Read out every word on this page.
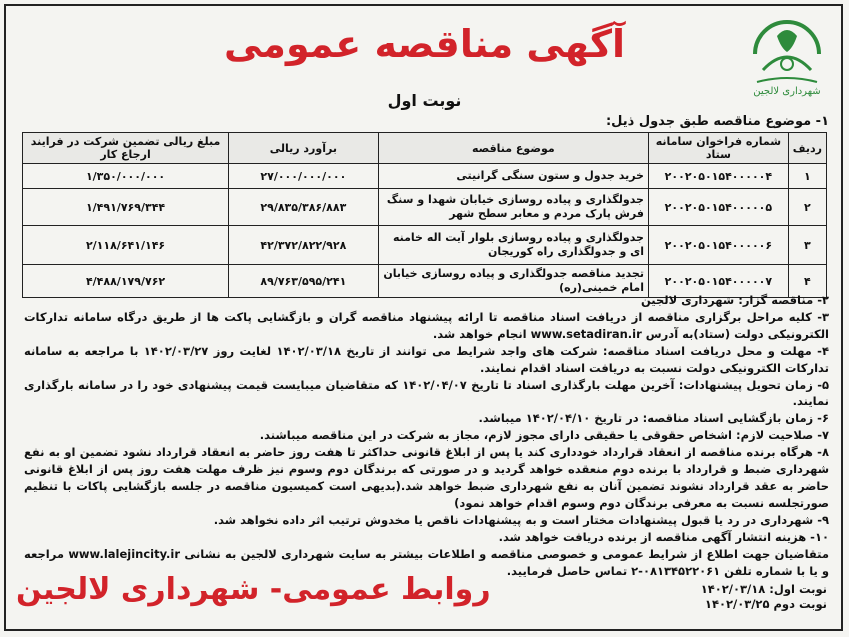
شهرداری لالجین
آگهی مناقصه عمومی
نوبت اول
۱- موضوع مناقصه طبق جدول ذیل:
ردیف	شماره فراخوان سامانه ستاد	موضوع مناقصه	برآورد ریالی	مبلغ ریالی تضمین شرکت در فرایند ارجاع کار
۱	۲۰۰۲۰۵۰۱۵۴۰۰۰۰۰۴	خرید جدول و ستون سنگی گرانیتی	۲۷/۰۰۰/۰۰۰/۰۰۰	۱/۳۵۰/۰۰۰/۰۰۰
۲	۲۰۰۲۰۵۰۱۵۴۰۰۰۰۰۵	جدولگذاری و پیاده روسازی خیابان شهدا و سنگ فرش پارک مردم و معابر سطح شهر	۲۹/۸۳۵/۳۸۶/۸۸۳	۱/۴۹۱/۷۶۹/۳۴۴
۳	۲۰۰۲۰۵۰۱۵۴۰۰۰۰۰۶	جدولگذاری و پیاده روسازی بلوار آیت اله خامنه ای و جدولگذاری راه کوریجان	۴۲/۳۷۲/۸۲۲/۹۲۸	۲/۱۱۸/۶۴۱/۱۴۶
۴	۲۰۰۲۰۵۰۱۵۴۰۰۰۰۰۷	تجدید مناقصه جدولگذاری و پیاده روسازی خیابان امام خمینی(ره)	۸۹/۷۶۳/۵۹۵/۲۴۱	۴/۴۸۸/۱۷۹/۷۶۲

۲- مناقصه گزار: شهرداری لالجین

۳- کلیه مراحل برگزاری مناقصه از دریافت اسناد مناقصه تا ارائه پیشنهاد مناقصه گران و بازگشایی پاکت ها از طریق درگاه سامانه تدارکات الکترونیکی دولت (ستاد)به آدرس www.setadiran.ir انجام خواهد شد.

۴- مهلت و محل دریافت اسناد مناقصه: شرکت های واجد شرایط می توانند از تاریخ ۱۴۰۲/۰۳/۱۸ لغایت روز ۱۴۰۲/۰۳/۲۷ با مراجعه به سامانه تدارکات الکترونیکی دولت نسبت به دریافت اسناد اقدام نمایند.

۵- زمان تحویل پیشنهادات: آخرین مهلت بارگذاری اسناد تا تاریخ ۱۴۰۲/۰۴/۰۷ که متقاضیان میبایست قیمت پیشنهادی خود را در سامانه بارگذاری نمایند.

۶- زمان بازگشایی اسناد مناقصه: در تاریخ ۱۴۰۲/۰۴/۱۰ میباشد.

۷- صلاحیت لازم: اشخاص حقوقی یا حقیقی دارای مجوز لازم، مجاز به شرکت در این مناقصه میباشند.

۸- هرگاه برنده مناقصه از انعقاد قرارداد خودداری کند یا پس از ابلاغ قانونی حداکثر تا هفت روز حاضر به انعقاد قرارداد نشود تضمین او به نفع شهرداری ضبط و قرارداد با برنده دوم منعقده خواهد گردید و در صورتی که برندگان دوم وسوم نیز ظرف مهلت هفت روز پس از ابلاغ قانونی حاضر به عقد قرارداد نشوند تضمین آنان به نفع شهرداری ضبط خواهد شد.(بدیهی است کمیسیون مناقصه در جلسه بازگشایی پاکات با تنظیم صورتجلسه نسبت به معرفی برندگان دوم وسوم اقدام خواهد نمود)

۹- شهرداری در رد یا قبول پیشنهادات مختار است و به پیشنهادات ناقص یا مخدوش ترتیب اثر داده نخواهد شد.

۱۰- هزینه انتشار آگهی مناقصه از برنده دریافت خواهد شد.

متقاضیان جهت اطلاع از شرایط عمومی و خصوصی مناقصه و اطلاعات بیشتر به سایت شهرداری لالجین به نشانی www.lalejincity.ir مراجعه و یا با شماره تلفن ۰۸۱۳۴۵۲۲۰۶۱-۲ تماس حاصل فرمایید.

روابط عمومی- شهرداری لالجین	نوبت اول: ۱۴۰۲/۰۳/۱۸
نوبت دوم ۱۴۰۲/۰۳/۲۵
